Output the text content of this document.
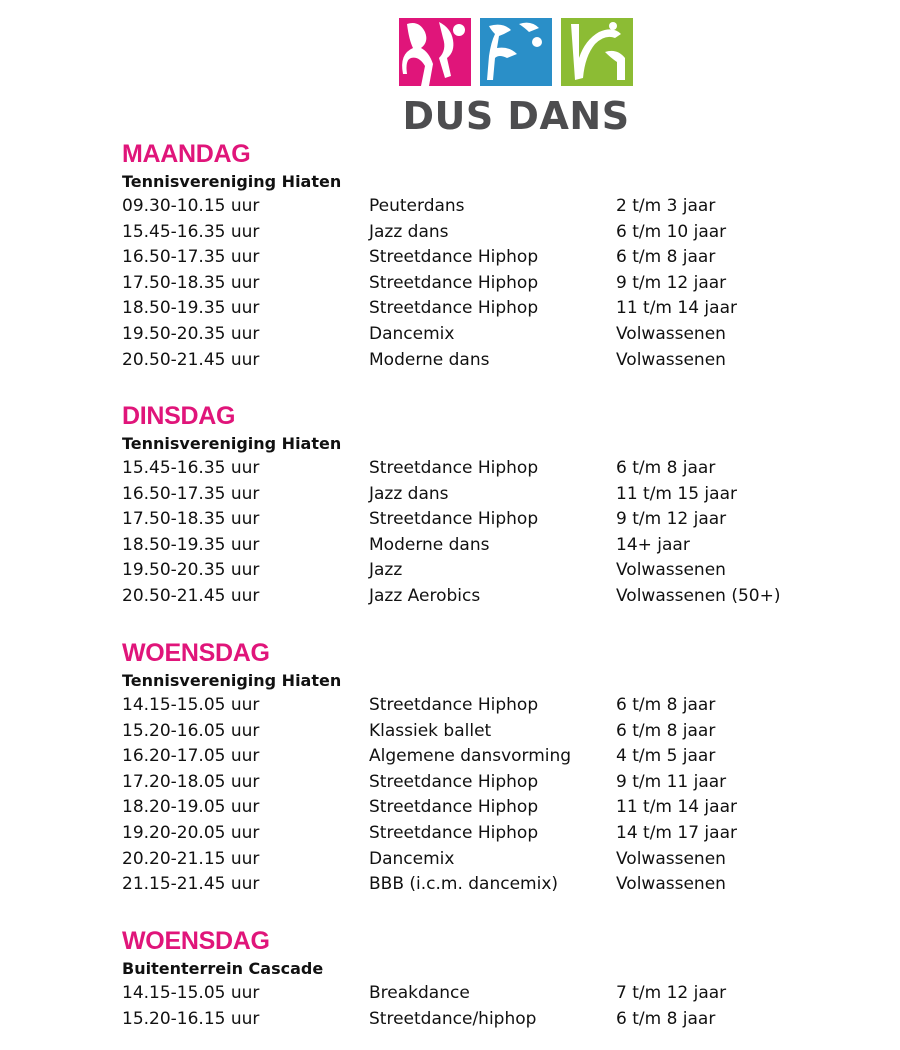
DUS DANS
MAANDAG
Tennisvereniging Hiaten
09.30-10.15 uur	Peuterdans	2 t/m 3 jaar
15.45-16.35 uur	Jazz dans	6 t/m 10 jaar
16.50-17.35 uur	Streetdance Hiphop	6 t/m 8 jaar
17.50-18.35 uur	Streetdance Hiphop	9 t/m 12 jaar
18.50-19.35 uur	Streetdance Hiphop	11 t/m 14 jaar
19.50-20.35 uur	Dancemix	Volwassenen
20.50-21.45 uur	Moderne dans	Volwassenen
DINSDAG
Tennisvereniging Hiaten
15.45-16.35 uur	Streetdance Hiphop	6 t/m 8 jaar
16.50-17.35 uur	Jazz dans	11 t/m 15 jaar
17.50-18.35 uur	Streetdance Hiphop	9 t/m 12 jaar
18.50-19.35 uur	Moderne dans	14+ jaar
19.50-20.35 uur	Jazz	Volwassenen
20.50-21.45 uur	Jazz Aerobics	Volwassenen (50+)
WOENSDAG
Tennisvereniging Hiaten
14.15-15.05 uur	Streetdance Hiphop	6 t/m 8 jaar
15.20-16.05 uur	Klassiek ballet	6 t/m 8 jaar
16.20-17.05 uur	Algemene dansvorming	4 t/m 5 jaar
17.20-18.05 uur	Streetdance Hiphop	9 t/m 11 jaar
18.20-19.05 uur	Streetdance Hiphop	11 t/m 14 jaar
19.20-20.05 uur	Streetdance Hiphop	14 t/m 17 jaar
20.20-21.15 uur	Dancemix	Volwassenen
21.15-21.45 uur	BBB (i.c.m. dancemix)	Volwassenen
WOENSDAG
Buitenterrein Cascade
14.15-15.05 uur	Breakdance	7 t/m 12 jaar
15.20-16.15 uur	Streetdance/hiphop	6 t/m 8 jaar
